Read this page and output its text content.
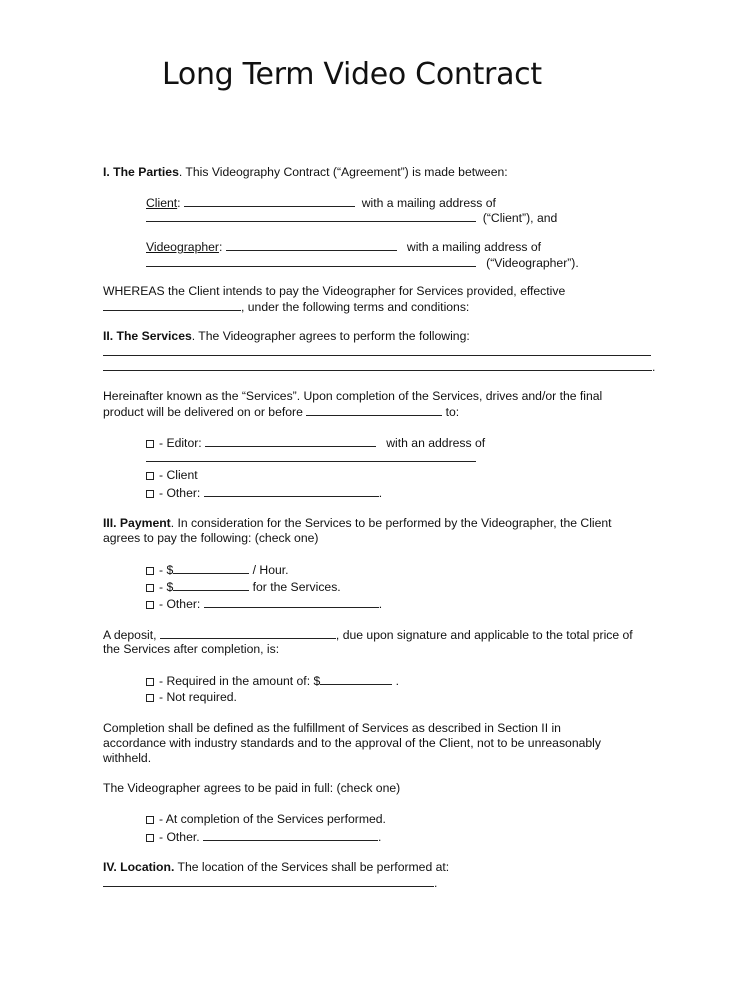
Long Term Video Contract
I. The Parties. This Videography Contract (“Agreement”) is made between:
Client:	with a mailing address of
(“Client”), and
Videographer:	with a mailing address of
(“Videographer”).
WHEREAS the Client intends to pay the Videographer for Services provided, effective
, under the following terms and conditions:
II. The Services. The Videographer agrees to perform the following:
.
Hereinafter known as the “Services”. Upon completion of the Services, drives and/or the final
product will be delivered on or before	to:
- Editor:	with an address of
- Client
- Other:	.
III. Payment. In consideration for the Services to be performed by the Videographer, the Client
agrees to pay the following: (check one)
- $	/ Hour.
- $	for the Services.
- Other:	.
A deposit,	, due upon signature and applicable to the total price of
the Services after completion, is:
- Required in the amount of: $	.
- Not required.
Completion shall be defined as the fulfillment of Services as described in Section II in
accordance with industry standards and to the approval of the Client, not to be unreasonably
withheld.
The Videographer agrees to be paid in full: (check one)
- At completion of the Services performed.
- Other.	.
IV. Location. The location of the Services shall be performed at:
.
